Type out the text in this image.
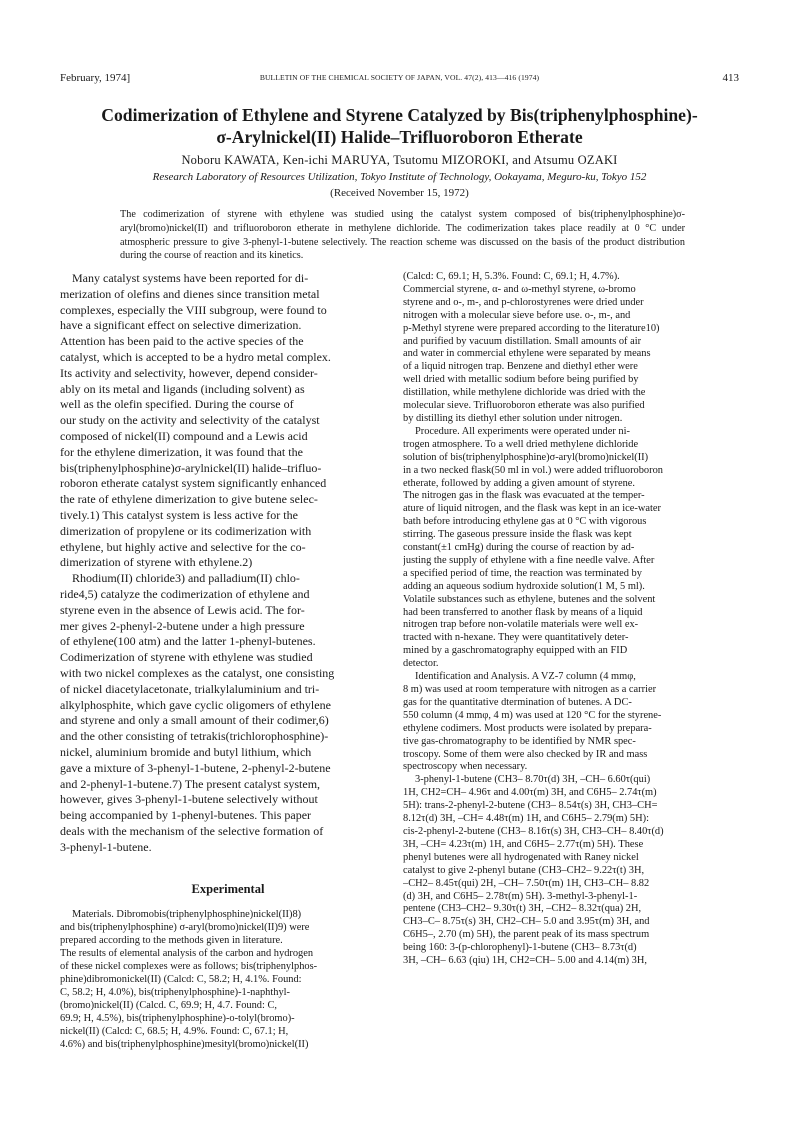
February, 1974]	BULLETIN OF THE CHEMICAL SOCIETY OF JAPAN, VOL. 47(2), 413—416 (1974)	413
Codimerization of Ethylene and Styrene Catalyzed by Bis(triphenylphosphine)-
σ-Arylnickel(II) Halide–Trifluoroboron Etherate
Noboru KAWATA, Ken-ichi MARUYA, Tsutomu MIZOROKI, and Atsumu OZAKI
Research Laboratory of Resources Utilization, Tokyo Institute of Technology, Ookayama, Meguro-ku, Tokyo 152
(Received November 15, 1972)
The codimerization of styrene with ethylene was studied using the catalyst system composed of bis(triphenylphosphine)σ- aryl(bromo)nickel(II) and trifluoroboron etherate in methylene dichloride. The codimerization takes place readily at 0 °C under atmospheric pressure to give 3-phenyl-1-butene selectively. The reaction scheme was discussed on the basis of the product distribution during the course of reaction and its kinetics.
Many catalyst systems have been reported for di-
merization of olefins and dienes since transition metal
complexes, especially the VIII subgroup, were found to
have a significant effect on selective dimerization.
Attention has been paid to the active species of the
catalyst, which is accepted to be a hydro metal complex.
Its activity and selectivity, however, depend consider-
ably on its metal and ligands (including solvent) as
well as the olefin specified. During the course of
our study on the activity and selectivity of the catalyst
composed of nickel(II) compound and a Lewis acid
for the ethylene dimerization, it was found that the
bis(triphenylphosphine)σ-arylnickel(II) halide–trifluo-
roboron etherate catalyst system significantly enhanced
the rate of ethylene dimerization to give butene selec-
tively.1) This catalyst system is less active for the
dimerization of propylene or its codimerization with
ethylene, but highly active and selective for the co-
dimerization of styrene with ethylene.2)
Rhodium(II) chloride3) and palladium(II) chlo-
ride4,5) catalyze the codimerization of ethylene and
styrene even in the absence of Lewis acid. The for-
mer gives 2-phenyl-2-butene under a high pressure
of ethylene(100 atm) and the latter 1-phenyl-butenes.
Codimerization of styrene with ethylene was studied
with two nickel complexes as the catalyst, one consisting
of nickel diacetylacetonate, trialkylaluminium and tri-
alkylphosphite, which gave cyclic oligomers of ethylene
and styrene and only a small amount of their codimer,6)
and the other consisting of tetrakis(trichlorophosphine)-
nickel, aluminium bromide and butyl lithium, which
gave a mixture of 3-phenyl-1-butene, 2-phenyl-2-butene
and 2-phenyl-1-butene.7) The present catalyst system,
however, gives 3-phenyl-1-butene selectively without
being accompanied by 1-phenyl-butenes. This paper
deals with the mechanism of the selective formation of
3-phenyl-1-butene.
Experimental
Materials. Dibromobis(triphenylphosphine)nickel(II)8)
and bis(triphenylphosphine) σ-aryl(bromo)nickel(II)9) were
prepared according to the methods given in literature.
The results of elemental analysis of the carbon and hydrogen
of these nickel complexes were as follows; bis(triphenylphos-
phine)dibromonickel(II) (Calcd: C, 58.2; H, 4.1%. Found:
C, 58.2; H, 4.0%), bis(triphenylphosphine)-1-naphthyl-
(bromo)nickel(II) (Calcd. C, 69.9; H, 4.7. Found: C,
69.9; H, 4.5%), bis(triphenylphosphine)-o-tolyl(bromo)-
nickel(II) (Calcd: C, 68.5; H, 4.9%. Found: C, 67.1; H,
4.6%) and bis(triphenylphosphine)mesityl(bromo)nickel(II)
(Calcd: C, 69.1; H, 5.3%. Found: C, 69.1; H, 4.7%).
Commercial styrene, α- and ω-methyl styrene, ω-bromo
styrene and o-, m-, and p-chlorostyrenes were dried under
nitrogen with a molecular sieve before use. o-, m-, and
p-Methyl styrene were prepared according to the literature10)
and purified by vacuum distillation. Small amounts of air
and water in commercial ethylene were separated by means
of a liquid nitrogen trap. Benzene and diethyl ether were
well dried with metallic sodium before being purified by
distillation, while methylene dichloride was dried with the
molecular sieve. Trifluoroboron etherate was also purified
by distilling its diethyl ether solution under nitrogen.
Procedure. All experiments were operated under ni-
trogen atmosphere. To a well dried methylene dichloride
solution of bis(triphenylphosphine)σ-aryl(bromo)nickel(II)
in a two necked flask(50 ml in vol.) were added trifluoroboron
etherate, followed by adding a given amount of styrene.
The nitrogen gas in the flask was evacuated at the temper-
ature of liquid nitrogen, and the flask was kept in an ice-water
bath before introducing ethylene gas at 0 °C with vigorous
stirring. The gaseous pressure inside the flask was kept
constant(±1 cmHg) during the course of reaction by ad-
justing the supply of ethylene with a fine needle valve. After
a specified period of time, the reaction was terminated by
adding an aqueous sodium hydroxide solution(1 M, 5 ml).
Volatile substances such as ethylene, butenes and the solvent
had been transferred to another flask by means of a liquid
nitrogen trap before non-volatile materials were well ex-
tracted with n-hexane. They were quantitatively deter-
mined by a gaschromatography equipped with an FID
detector.
Identification and Analysis. A VZ-7 column (4 mmφ,
8 m) was used at room temperature with nitrogen as a carrier
gas for the quantitative dtermination of butenes. A DC-
550 column (4 mmφ, 4 m) was used at 120 °C for the styrene-
ethylene codimers. Most products were isolated by prepara-
tive gas-chromatography to be identified by NMR spec-
troscopy. Some of them were also checked by IR and mass
spectroscopy when necessary.
3-phenyl-1-butene (CH3– 8.70τ(d) 3H, –CH– 6.60τ(qui)
1H, CH2=CH– 4.96τ and 4.00τ(m) 3H, and C6H5– 2.74τ(m)
5H): trans-2-phenyl-2-butene (CH3– 8.54τ(s) 3H, CH3–CH=
8.12τ(d) 3H, –CH= 4.48τ(m) 1H, and C6H5– 2.79(m) 5H):
cis-2-phenyl-2-butene (CH3– 8.16τ(s) 3H, CH3–CH– 8.40τ(d)
3H, –CH= 4.23τ(m) 1H, and C6H5– 2.77τ(m) 5H). These
phenyl butenes were all hydrogenated with Raney nickel
catalyst to give 2-phenyl butane (CH3–CH2– 9.22τ(t) 3H,
–CH2– 8.45τ(qui) 2H, –CH– 7.50τ(m) 1H, CH3–CH– 8.82
(d) 3H, and C6H5– 2.78τ(m) 5H). 3-methyl-3-phenyl-1-
pentene (CH3–CH2– 9.30τ(t) 3H, –CH2– 8.32τ(qua) 2H,
CH3–C– 8.75τ(s) 3H, CH2–CH– 5.0 and 3.95τ(m) 3H, and
C6H5–, 2.70 (m) 5H), the parent peak of its mass spectrum
being 160: 3-(p-chlorophenyl)-1-butene (CH3– 8.73τ(d)
3H, –CH– 6.63 (qiu) 1H, CH2=CH– 5.00 and 4.14(m) 3H,
